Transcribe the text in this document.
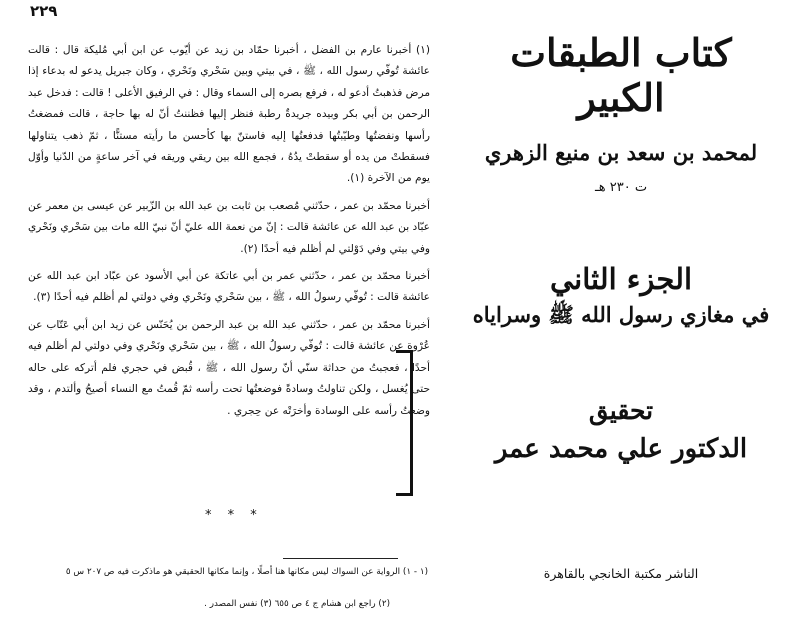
٢٢٩

(١) أخبرنا عارم بن الفضل ، أخبرنا حمّاد بن زيد عن أيّوب عن ابن أبي مُليكة قال : قالت عائشة تُوفّي رسول الله ، ﷺ ، في بيتي وبين سَحْري ونَحْري ، وكان جبريل يدعو له بدعاء إذا مرض فذهبتُ أدعو له ، فرفع بصره إلى السماء وقال : في الرفيق الأعلى ! قالت : فدخل عبد الرحمن بن أبي بكر وبيده جريدةٌ رطبة فنظر إليها فظننتُ أنّ له بها حاجة ، قالت فمضغتُ رأسها ونفضتُها وطيّبتُها فدفعتُها إليه فاستنّ بها كأحسن ما رأيته مستنًّا ، ثمّ ذهب يتناولها فسقطتْ من يده أو سقطتْ يدُهُ ، فجمع الله بين ريقي وريقه في آخر ساعةٍ من الدّنيا وأوّل يوم من الآخرة (١).

أخبرنا محمّد بن عمر ، حدّثني مُصعب بن ثابت بن عبد الله بن الزّبير عن عيسى بن معمر عن عبّاد بن عبد الله عن عائشة قالت : إنّ من نعمة الله عليّ أنّ نبيّ الله مات بين سَحْري ونَحْري وفي بيتي وفي دَوْلتي لم أظلم فيه أحدًا (٢).

أخبرنا محمّد بن عمر ، حدّثني عمر بن أبي عاتكة عن أبي الأسود عن عبّاد ابن عبد الله عن عائشة قالت : تُوفّي رسولُ الله ، ﷺ ، بين سَحْري ونَحْري وفي دولتي لم أظلم فيه أحدًا (٣).

أخبرنا محمّد بن عمر ، حدّثني عبد الله بن عبد الرحمن بن يُحَنّس عن زيد ابن أبي عَتّاب عن عُرْوة عن عائشة قالت : تُوفّي رسولُ الله ، ﷺ ، بين سَحْري ونَحْري وفي دولتي لم أظلم فيه أحدًا ، فعجبتُ من حداثة سنّي أنّ رسول الله ، ﷺ ، قُبض في حجري فلم أتركه على حاله حتى يُغسل ، ولكن تناولتُ وسادةً فوضعتُها تحت رأسه ثمّ قُمتُ مع النساء أصيحُ وألتدم ، وقد وضعتُ رأسه على الوسادة وأخرَتْه عن حِجري .

* * *
(١ - ١) الرواية عن السواك ليس مكانها هنا أصلًا ، وإنما مكانها الحقيقي هو ماذكرت فيه ص ٢٠٧ س ٥
(٢) راجع ابن هشام ج ٤ ص ٦٥٥ (٣) نفس المصدر .
كتاب الطبقات الكبير
لمحمد بن سعد بن منيع الزهري
ت ٢٣٠ هـ
الجزء الثاني
في مغازي رسول الله ﷺ وسراياه
تحقيق
الدكتور علي محمد عمر
الناشر مكتبة الخانجي بالقاهرة
